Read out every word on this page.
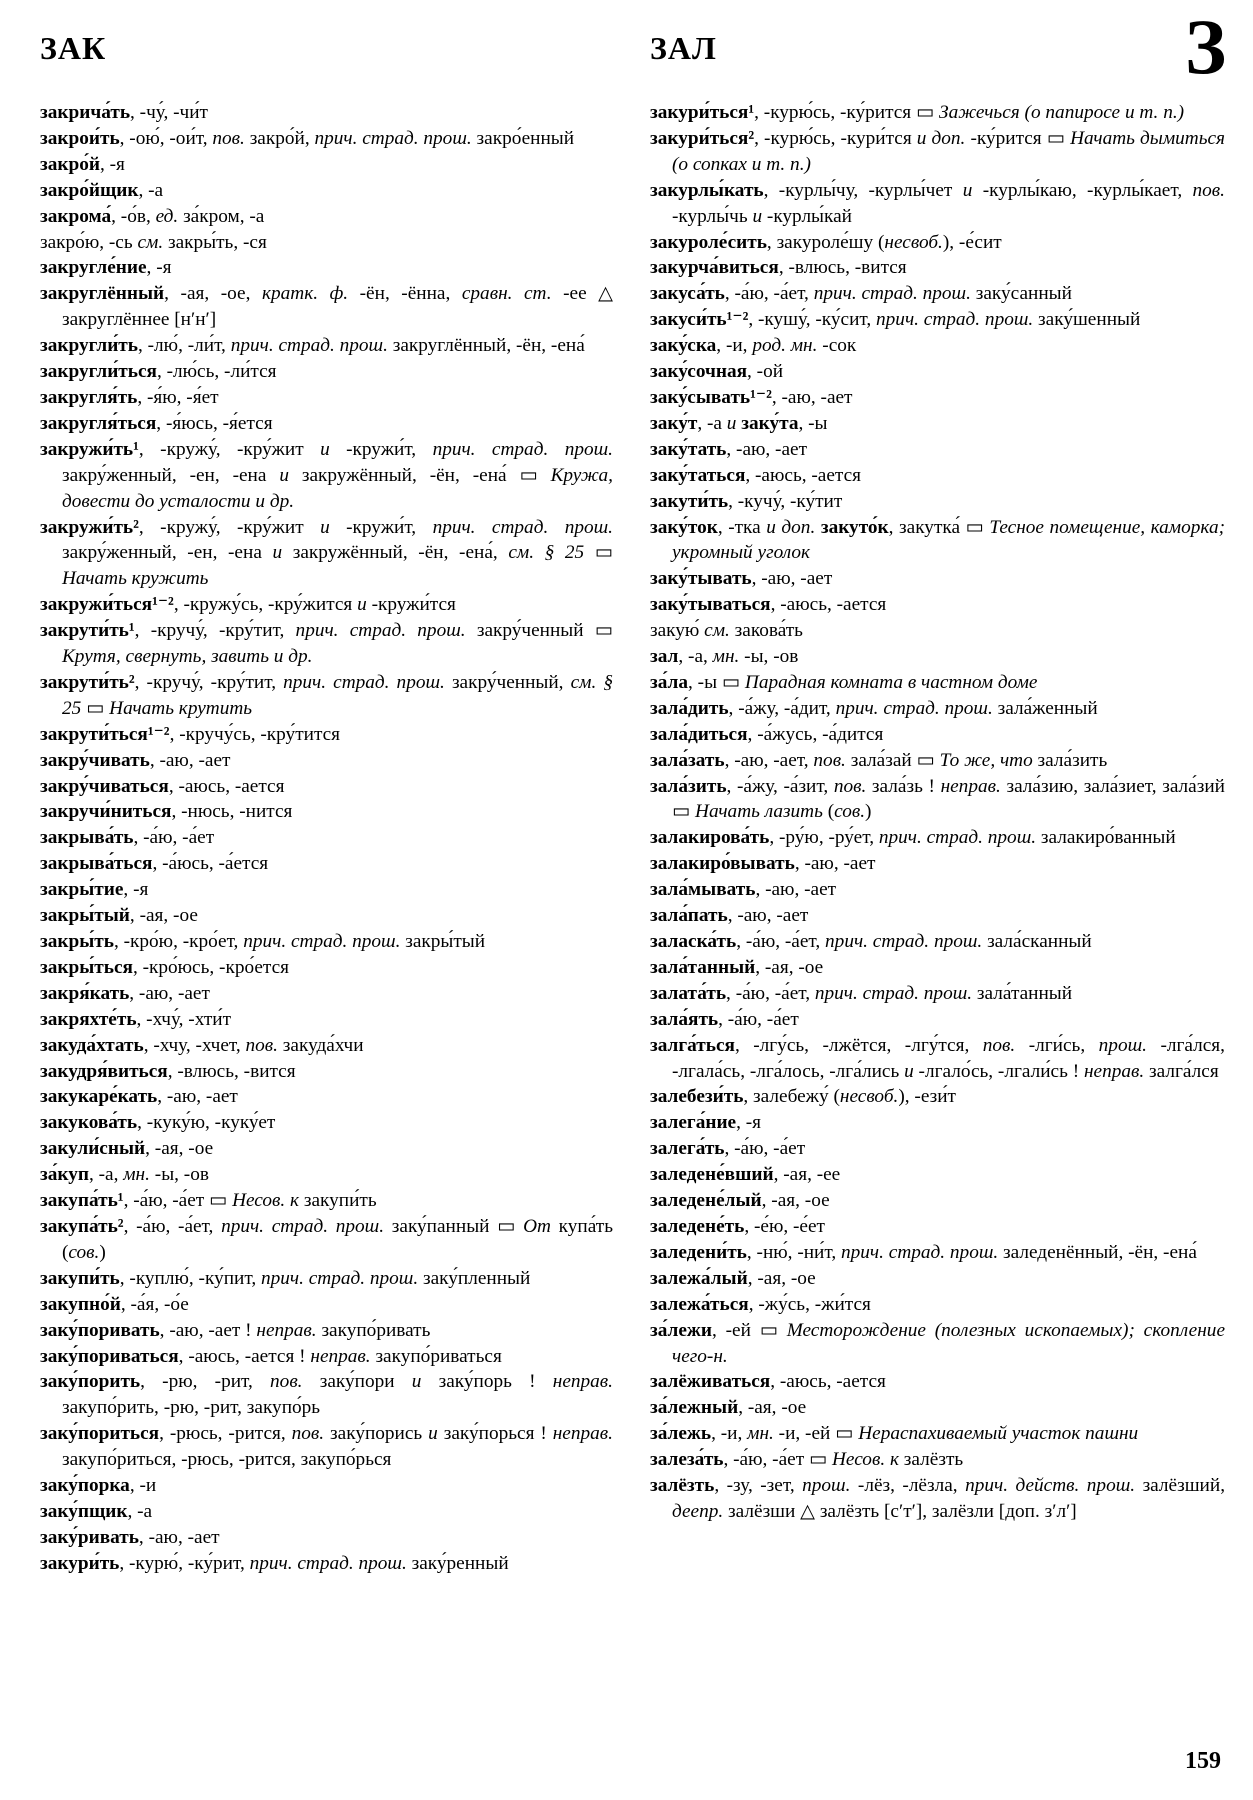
ЗАК	ЗАЛ	З

закрича́ть, -чу́, -чи́т

закрои́ть, -ою́, -ои́т, пов. закро́й, прич. страд. прош. закро́енный

закро́й, -я

закро́йщик, -а

закрома́, -о́в, ед. за́кром, -а

закро́ю, -сь см. закры́ть, -ся

закругле́ние, -я

закруглённый, -ая, -ое, кратк. ф. -ён, -ённа, сравн. ст. -ее △ закруглённее [нʹнʹ]

закругли́ть, -лю́, -ли́т, прич. страд. прош. закруглённый, -ён, -ена́

закругли́ться, -лю́сь, -ли́тся

закругля́ть, -я́ю, -я́ет

закругля́ться, -я́юсь, -я́ется

закружи́ть¹, -кружу́, -кру́жит и -кружи́т, прич. страд. прош. закру́женный, -ен, -ена и закружённый, -ён, -ена́ ▭ Кружа, довести до усталости и др.

закружи́ть², -кружу́, -кру́жит и -кружи́т, прич. страд. прош. закру́женный, -ен, -ена и закружённый, -ён, -ена́, см. § 25 ▭ Начать кружить

закружи́ться¹⁻², -кружу́сь, -кру́жится и -кружи́тся

закрути́ть¹, -кручу́, -кру́тит, прич. страд. прош. закру́ченный ▭ Крутя, свернуть, завить и др.

закрути́ть², -кручу́, -кру́тит, прич. страд. прош. закру́ченный, см. § 25 ▭ Начать крутить

закрути́ться¹⁻², -кручу́сь, -кру́тится

закру́чивать, -аю, -ает

закру́чиваться, -аюсь, -ается

закручи́ниться, -нюсь, -нится

закрыва́ть, -а́ю, -а́ет

закрыва́ться, -а́юсь, -а́ется

закры́тие, -я

закры́тый, -ая, -ое

закры́ть, -кро́ю, -кро́ет, прич. страд. прош. закры́тый

закры́ться, -кро́юсь, -кро́ется

закря́кать, -аю, -ает

закряхте́ть, -хчу́, -хти́т

закуда́хтать, -хчу, -хчет, пов. закуда́хчи

закудря́виться, -влюсь, -вится

закукаре́кать, -аю, -ает

закукова́ть, -куку́ю, -куку́ет

закули́сный, -ая, -ое

за́куп, -а, мн. -ы, -ов

закупа́ть¹, -а́ю, -а́ет ▭ Несов. к закупи́ть

закупа́ть², -а́ю, -а́ет, прич. страд. прош. заку́панный ▭ От купа́ть (сов.)

закупи́ть, -куплю́, -ку́пит, прич. страд. прош. заку́пленный

закупно́й, -а́я, -о́е

заку́поривать, -аю, -ает ! неправ. закупо́ривать

заку́пориваться, -аюсь, -ается ! неправ. закупо́риваться

заку́порить, -рю, -рит, пов. заку́пори и заку́порь ! неправ. закупо́рить, -рю, -рит, закупо́рь

заку́пориться, -рюсь, -рится, пов. заку́порись и заку́порься ! неправ. закупо́риться, -рюсь, -рится, закупо́рься

заку́порка, -и

заку́пщик, -а

заку́ривать, -аю, -ает

закури́ть, -курю́, -ку́рит, прич. страд. прош. заку́ренный

закури́ться¹, -курю́сь, -ку́рится ▭ Зажечься (о папиросе и т. п.)

закури́ться², -курю́сь, -кури́тся и доп. -ку́рится ▭ Начать дымиться (о сопках и т. п.)

закурлы́кать, -курлы́чу, -курлы́чет и -курлы́каю, -курлы́кает, пов. -курлы́чь и -курлы́кай

закуроле́сить, закуроле́шу (несвоб.), -е́сит

закурча́виться, -влюсь, -вится

закуса́ть, -а́ю, -а́ет, прич. страд. прош. заку́санный

закуси́ть¹⁻², -кушу́, -ку́сит, прич. страд. прош. заку́шенный

заку́ска, -и, род. мн. -сок

заку́сочная, -ой

заку́сывать¹⁻², -аю, -ает

заку́т, -а и заку́та, -ы

заку́тать, -аю, -ает

заку́таться, -аюсь, -ается

закути́ть, -кучу́, -ку́тит

заку́ток, -тка и доп. закуто́к, закутка́ ▭ Тесное помещение, каморка; укромный уголок

заку́тывать, -аю, -ает

заку́тываться, -аюсь, -ается

закую́ см. закова́ть

зал, -а, мн. -ы, -ов

за́ла, -ы ▭ Парадная комната в частном доме

зала́дить, -а́жу, -а́дит, прич. страд. прош. зала́женный

зала́диться, -а́жусь, -а́дится

зала́зать, -аю, -ает, пов. зала́зай ▭ То же, что зала́зить

зала́зить, -а́жу, -а́зит, пов. зала́зь ! неправ. зала́зию, зала́зиет, зала́зий ▭ Начать лазить (сов.)

залакирова́ть, -ру́ю, -ру́ет, прич. страд. прош. залакиро́ванный

залакиро́вывать, -аю, -ает

зала́мывать, -аю, -ает

зала́пать, -аю, -ает

заласка́ть, -а́ю, -а́ет, прич. страд. прош. зала́сканный

зала́танный, -ая, -ое

залата́ть, -а́ю, -а́ет, прич. страд. прош. зала́танный

зала́ять, -а́ю, -а́ет

залга́ться, -лгу́сь, -лжётся, -лгу́тся, пов. -лги́сь, прош. -лга́лся, -лгала́сь, -лга́лось, -лга́лись и -лгало́сь, -лгали́сь ! неправ. залга́лся

залебези́ть, залебежу́ (несвоб.), -ези́т

залега́ние, -я

залега́ть, -а́ю, -а́ет

заледене́вший, -ая, -ее

заледене́лый, -ая, -ое

заледене́ть, -е́ю, -е́ет

заледени́ть, -ню́, -ни́т, прич. страд. прош. заледенённый, -ён, -ена́

залежа́лый, -ая, -ое

залежа́ться, -жу́сь, -жи́тся

за́лежи, -ей ▭ Месторождение (полезных ископаемых); скопление чего-н.

залёживаться, -аюсь, -ается

за́лежный, -ая, -ое

за́лежь, -и, мн. -и, -ей ▭ Нераспахиваемый участок пашни

залеза́ть, -а́ю, -а́ет ▭ Несов. к залёзть

залёзть, -зу, -зет, прош. -лёз, -лёзла, прич. действ. прош. залёзший, деепр. залёзши △ залёзть [сʹтʹ], залёзли [доп. зʹлʹ]

159
